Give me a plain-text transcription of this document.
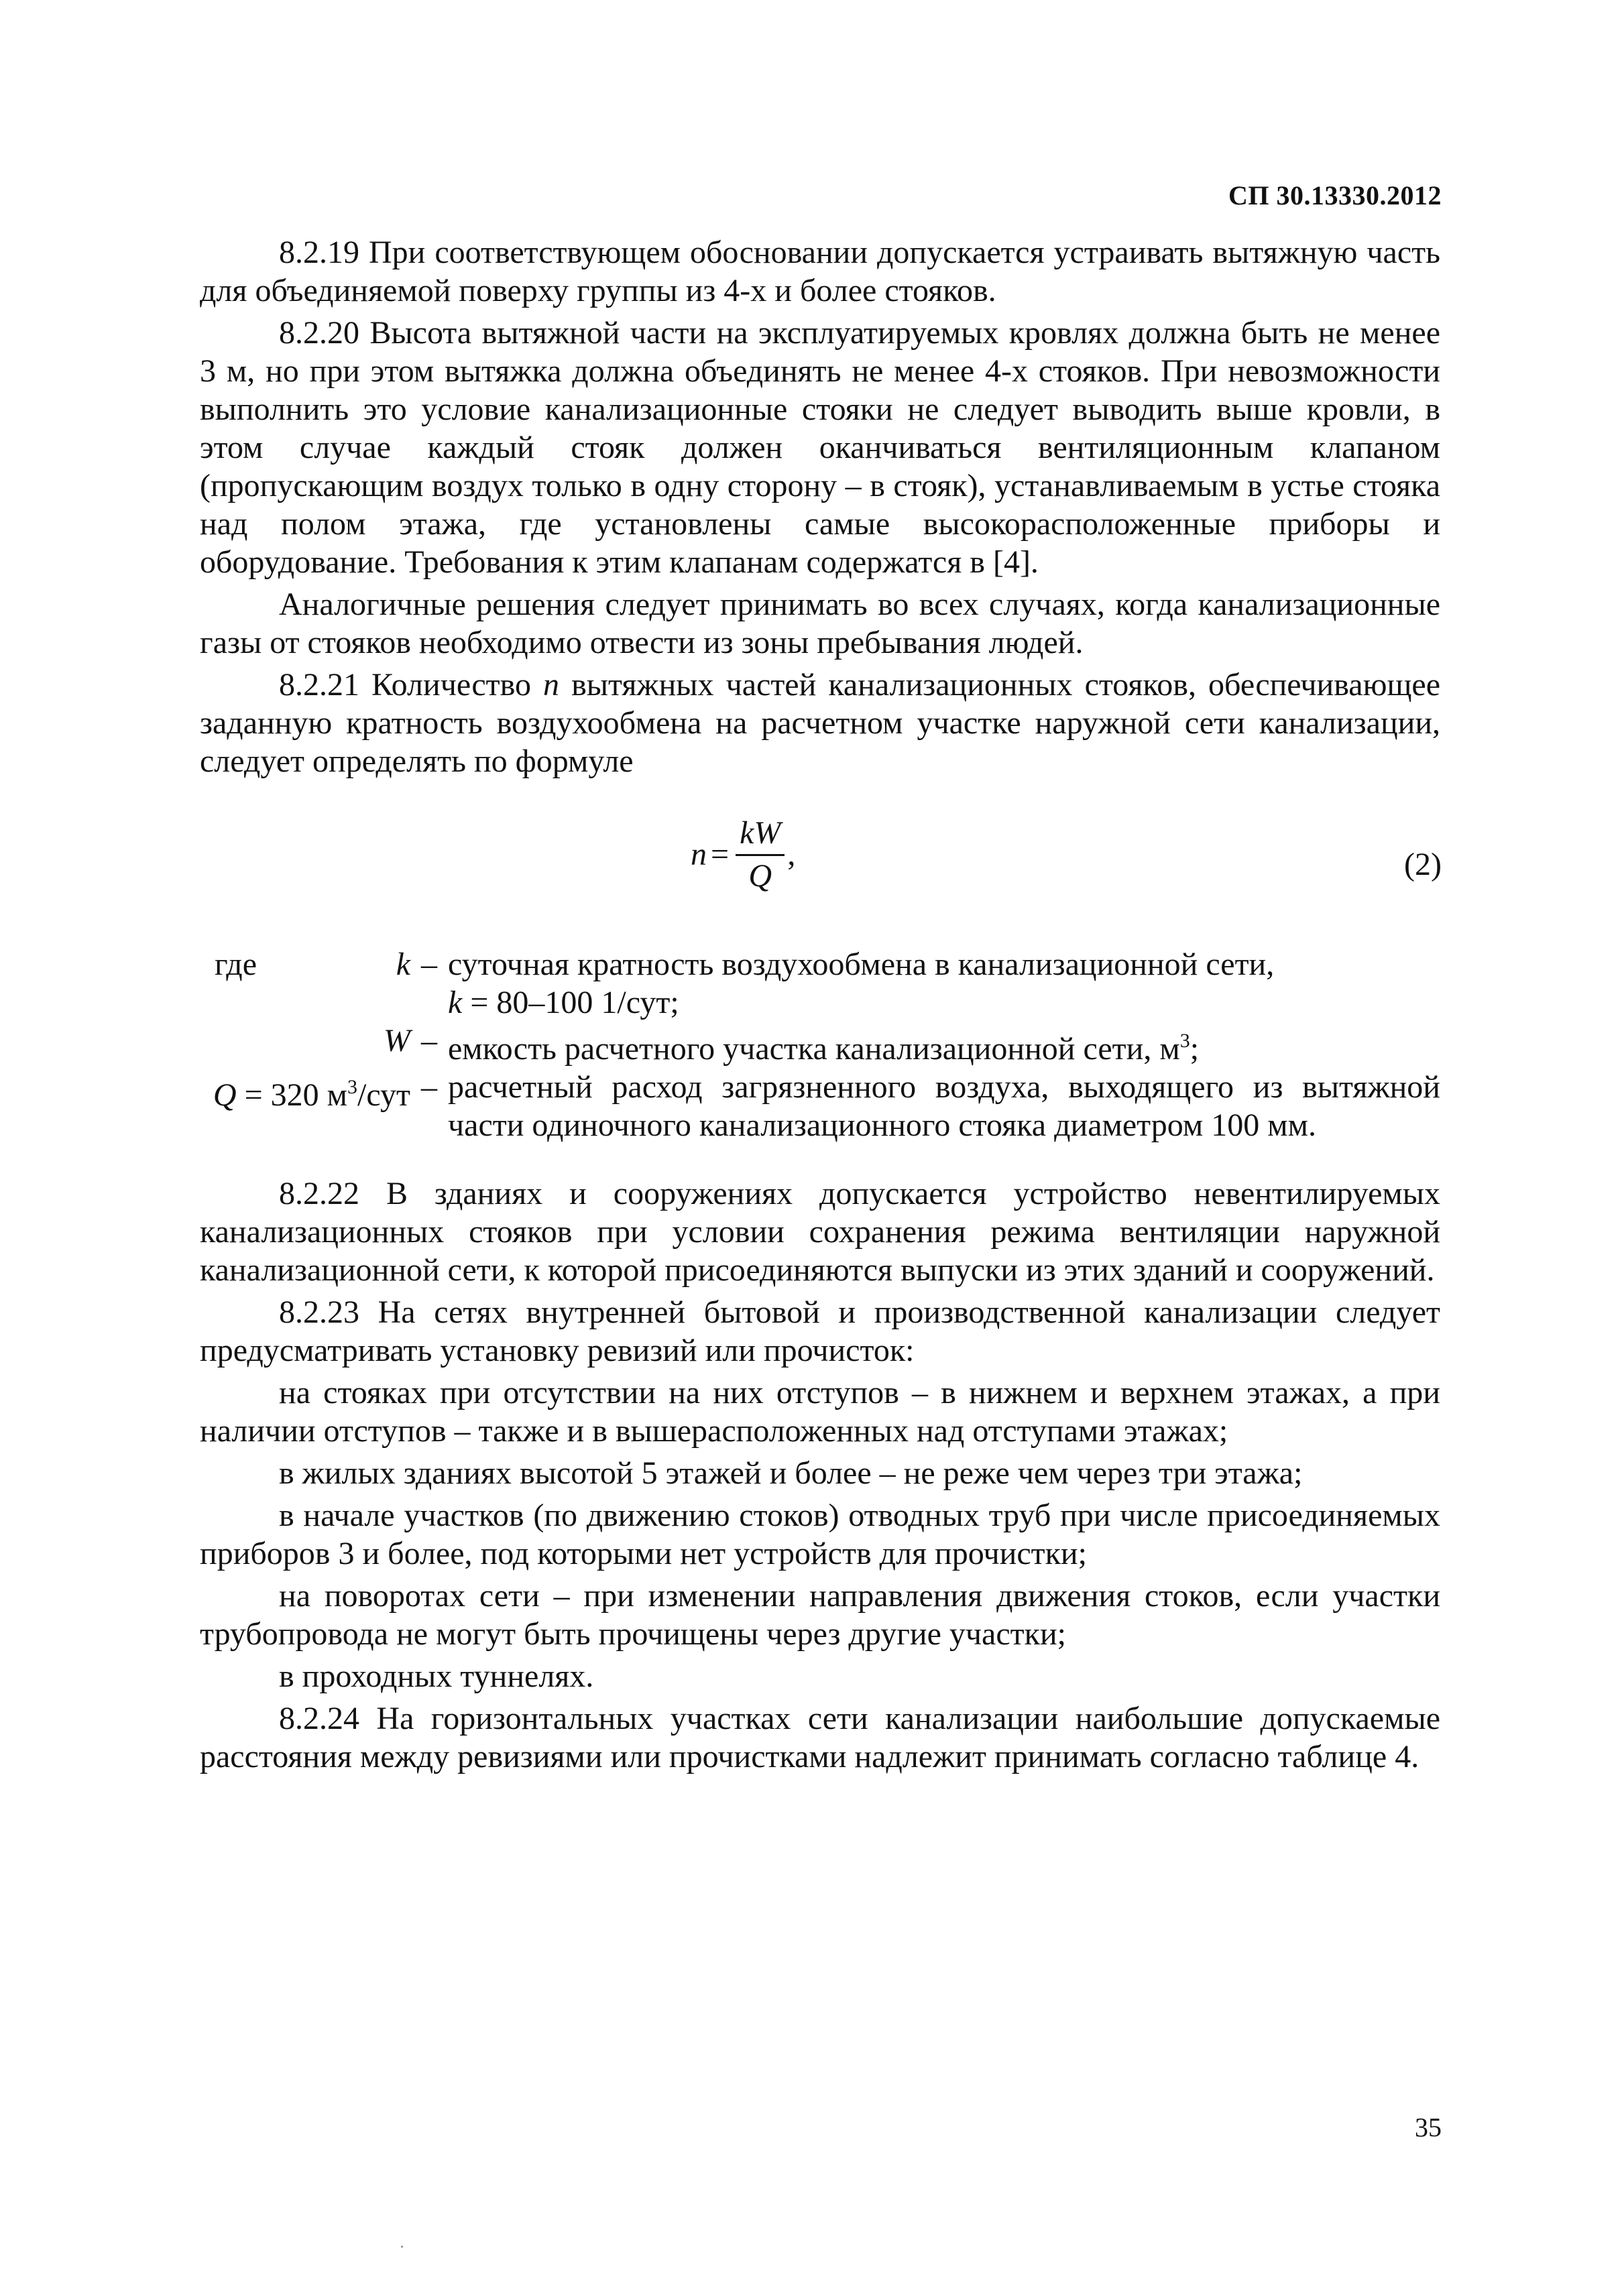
СП 30.13330.2012

8.2.19 При соответствующем обосновании допускается устраивать вытяжную часть для объединяемой поверху группы из 4-х и более стояков.

8.2.20 Высота вытяжной части на эксплуатируемых кровлях должна быть не менее 3 м, но при этом вытяжка должна объединять не менее 4-х стояков. При невозможности выполнить это условие канализационные стояки не следует выводить выше кровли, в этом случае каждый стояк должен оканчиваться вентиляционным клапаном (пропускающим воздух только в одну сторону – в стояк), устанавливаемым в устье стояка над полом этажа, где установлены самые высокорасположенные приборы и оборудование. Требования к этим клапанам содержатся в [4].

Аналогичные решения следует принимать во всех случаях, когда канализационные газы от стояков необходимо отвести из зоны пребывания людей.

8.2.21 Количество n вытяжных частей канализационных стояков, обеспечивающее заданную кратность воздухообмена на расчетном участке наружной сети канализации, следует определять по формуле

$n = \frac{kW}{Q}$ ,	(2)
где	k – суточная кратность воздухообмена в канализационной сети,
k = 80–100 1/сут;
W – емкость расчетного участка канализационной сети, $м^3$;
Q = 320 $м^3$/сут – расчетный расход загрязненного воздуха, выходящего из вытяжной части одиночного канализационного стояка диаметром 100 мм.

8.2.22 В зданиях и сооружениях допускается устройство невентилируемых канализационных стояков при условии сохранения режима вентиляции наружной канализационной сети, к которой присоединяются выпуски из этих зданий и сооружений.

8.2.23 На сетях внутренней бытовой и производственной канализации следует предусматривать установку ревизий или прочисток:

на стояках при отсутствии на них отступов – в нижнем и верхнем этажах, а при наличии отступов – также и в вышерасположенных над отступами этажах;

в жилых зданиях высотой 5 этажей и более – не реже чем через три этажа;

в начале участков (по движению стоков) отводных труб при числе присоединяемых приборов 3 и более, под которыми нет устройств для прочистки;

на поворотах сети – при изменении направления движения стоков, если участки трубопровода не могут быть прочищены через другие участки;

в проходных туннелях.

8.2.24 На горизонтальных участках сети канализации наибольшие допускаемые расстояния между ревизиями или прочистками надлежит принимать согласно таблице 4.

35
